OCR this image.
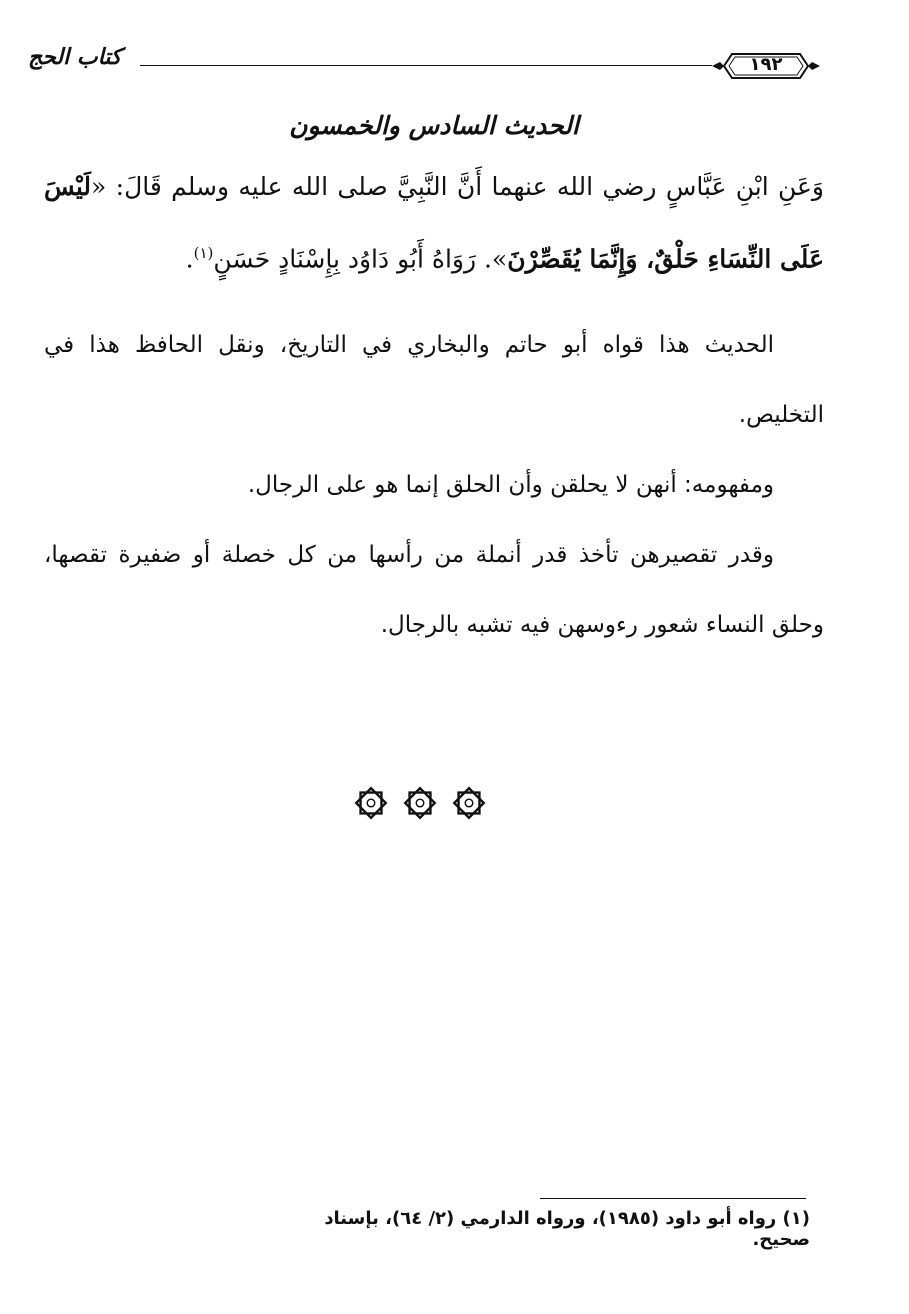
كتاب الحج	١٩٢
الحديث السادس والخمسون

وَعَنِ ابْنِ عَبَّاسٍ رضي الله عنهما أَنَّ النَّبِيَّ صلى الله عليه وسلم قَالَ: «لَيْسَ عَلَى النِّسَاءِ حَلْقٌ، وَإِنَّمَا يُقَصِّرْنَ». رَوَاهُ أَبُو دَاوُد بِإِسْنَادٍ حَسَنٍ$^{(١)}$.

الحديث هذا قواه أبو حاتم والبخاري في التاريخ، ونقل الحافظ هذا في التخليص.

ومفهومه: أنهن لا يحلقن وأن الحلق إنما هو على الرجال.

وقدر تقصيرهن تأخذ قدر أنملة من رأسها من كل خصلة أو ضفيرة تقصها، وحلق النساء شعور رءوسهن فيه تشبه بالرجال.

(١) رواه أبو داود (١٩٨٥)، ورواه الدارمي (٢/ ٦٤)، بإسناد صحيح.
